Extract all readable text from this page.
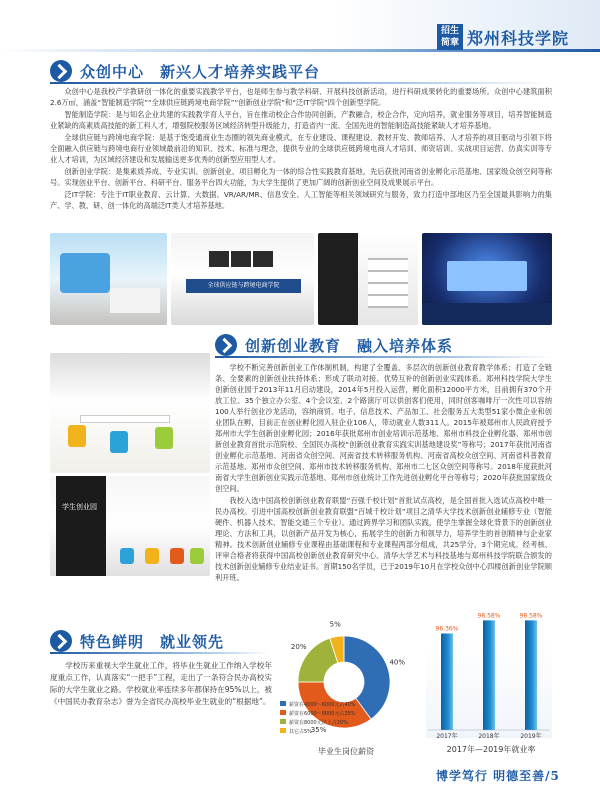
招生
简章 郑州科技学院
众创中心　新兴人才培养实践平台

众创中心是我校产学教研创一体化的重要实践教学平台，也是师生参与教学科研、开展科技创新活动，进行科研成果转化的重要场所。众创中心建筑面积2.6万㎡，涵盖“智能制造学院”“全球供应链跨境电商学院”“创新创业学院”和“泛IT学院”四个创新型学院。

智能制造学院：是与知名企业共建的实践教学育人平台，旨在推动校企合作协同创新，产教融合，校企合作，定向培养，就业服务等项目，培养智能制造业紧缺的高素质高技能的新工科人才，增强院校服务区域经济转型升级能力，打造省内一流、全国先进的智能制造高技能紧缺人才培养基地。

全球供应链与跨境电商学院：是基于饱受通商业生态圈的领先商业模式，在专业建设、课程建设、教材开发、教师培养、人才培养的项目驱动与引领下将全面融入供应链与跨境电商行业领域最前沿的知识、技术、标准与理念，提供专业的全球供应链跨境电商人才培训、师资培训、实战项目运营、仿真实训等专业人才培训，为区域经济建设和发展输送更多优秀的创新型应用型人才。

创新创业学院：是集素质养成、专业实训、创新创业、项目孵化为一体的综合性实践教育基地，先后获批河南省创业孵化示范基地、国家级众创空间等称号。实现创业平台、创新平台、科研平台、服务平台四大功能，为大学生提供了更加广阔的创新创业空间及成果展示平台。

泛IT学院：专注于IT职业教育、云计算、大数据、VR/AR/MR、信息安全、人工智能等相关领域研究与服务，致力打造中部地区乃至全国最具影响力的集产、学、教、研、创一体化的高端泛IT类人才培养基地。

全球供应链与跨境电商学院
创新创业教育　融入培养体系
学生创业园

学校不断完善创新创业工作体制机制，构建了全覆盖、多层次的创新创业教育教学体系；打造了全链条、全要素的创新创业扶持体系；形成了联动对接、优势互补的创新创业实践体系。郑州科技学院大学生创新创业园于2013年11月启动建设，2014年5月投入运营，孵化面积12000平方米，目前拥有370个开放工位、35个独立办公室、4个会议室、2个路演厅可以供创客们使用，同时创客咖啡厅一次性可以容纳100人举行创业沙龙活动，容纳商贸、电子、信息技术、产品加工、社会服务五大类型51家小微企业和创业团队在孵，目前正在创业孵化园入驻企业106人，带动就业人数311人。2015年被郑州市人民政府授予郑州市大学生创新创业孵化园；2016年获批郑州市创业培训示范基地、郑州市科技企业孵化器、郑州市创新创业教育首批示范院校、全国民办高校“创新创业教育实践实训基地建设奖”等称号；2017年获批河南省创业孵化示范基地、河南省众创空间、河南省技术转移服务机构、河南省高校众创空间、河南省科普教育示范基地、郑州市众创空间、郑州市技术转移服务机构、郑州市二七区众创空间等称号。2018年度获批河南省大学生创新创业实践示范基地、郑州市创业统计工作先进创业孵化平台等称号；2020年获批国家级众创空间。

我校入选中国高校创新创业教育联盟“百强千校计划”首批试点高校，是全国首批入选试点高校中唯一民办高校。引进中国高校创新创业教育联盟“百城千校计划”项目之清华大学技术创新创业辅修专业（智能硬件、机器人技术、智能交通三个专业）。通过跨界学习和团队实践，使学生掌握全球化背景下的创新创业理论、方法和工具，以创新产品开发为核心，拓展学生的创新力和领导力，培养学生的首创精神与企业家精神。技术创新创业辅修专业课程由基础课程和专业课程两部分组成，共25学分，3个期完成。经考核、评审合格者将获得中国高校创新创业教育研究中心、清华大学艺术与科技基地与郑州科技学院联合颁发的技术创新创业辅修专业结业证书。首期150名学员，已于2019年10月在学校众创中心四楼创新创业学院顺利开班。

特色鲜明　就业领先

学校历来重视大学生就业工作，将毕业生就业工作纳入学校年度重点工作，认真落实“一把手”工程，走出了一条符合民办高校实际的大学生就业之路。学校就业率连续多年都保持在95%以上，被《中国民办教育杂志》誉为全省民办高校毕业生就业的“根据地”。

40%
35%
20%
5%
薪资在4000～6000元占40%
薪资在6000～8000元占35%
薪资在8000元以上占20%
其它占5%
毕业生岗位薪资
96.36%
2017年
98.58%
2018年
98.58%
2019年
2017年—2019年就业率
博学笃行 明德至善/5
